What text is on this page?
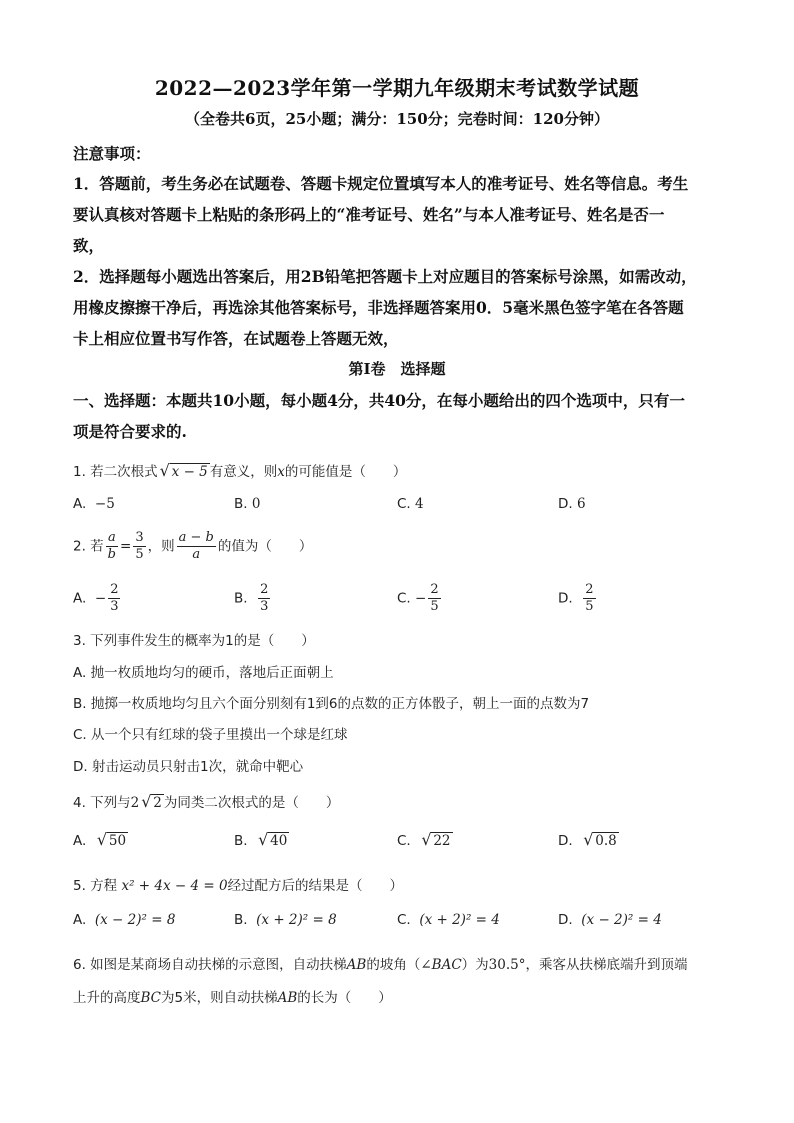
2022—2023学年第一学期九年级期末考试数学试题
（全卷共6页，25小题；满分：150分；完卷时间：120分钟）
注意事项：
1．答题前，考生务必在试题卷、答题卡规定位置填写本人的准考证号、姓名等信息。考生
要认真核对答题卡上粘贴的条形码上的“准考证号、姓名”与本人准考证号、姓名是否一
致，
2．选择题每小题选出答案后，用2B铅笔把答题卡上对应题目的答案标号涂黑，如需改动，
用橡皮擦擦干净后，再选涂其他答案标号，非选择题答案用0．5毫米黑色签字笔在各答题
卡上相应位置书写作答，在试题卷上答题无效，
第Ⅰ卷　选择题
一、选择题：本题共10小题，每小题4分，共40分，在每小题给出的四个选项中，只有一
项是符合要求的.
1. 若二次根式 √ x − 5 有意义，则x的可能值是（　　）
A. −5	B. 0	C. 4	D. 6
2. 若 $\frac{a}{b} = \frac{3}{5}$ ，则 $\frac{a - b}{a}$ 的值为（　　）
A. − $\frac{2}{3}$	B. $\frac{2}{3}$	C. − $\frac{2}{5}$	D. $\frac{2}{5}$
3. 下列事件发生的概率为1的是（　　）
A. 抛一枚质地均匀的硬币，落地后正面朝上
B. 抛掷一枚质地均匀且六个面分别刻有1到6的点数的正方体骰子，朝上一面的点数为7
C. 从一个只有红球的袋子里摸出一个球是红球
D. 射击运动员只射击1次，就命中靶心
4. 下列与2 √ 2 为同类二次根式的是（　　）
A. √ 50	B. √ 40	C. √ 22	D. √ 0.8
5. 方程 x² + 4x − 4 = 0经过配方后的结果是（　　）
A. (x − 2)² = 8	B. (x + 2)² = 8	C. (x + 2)² = 4	D. (x − 2)² = 4
6. 如图是某商场自动扶梯的示意图，自动扶梯AB的坡角（∠BAC）为30.5°，乘客从扶梯底端升到顶端
上升的高度BC为5米，则自动扶梯AB的长为（　　）
